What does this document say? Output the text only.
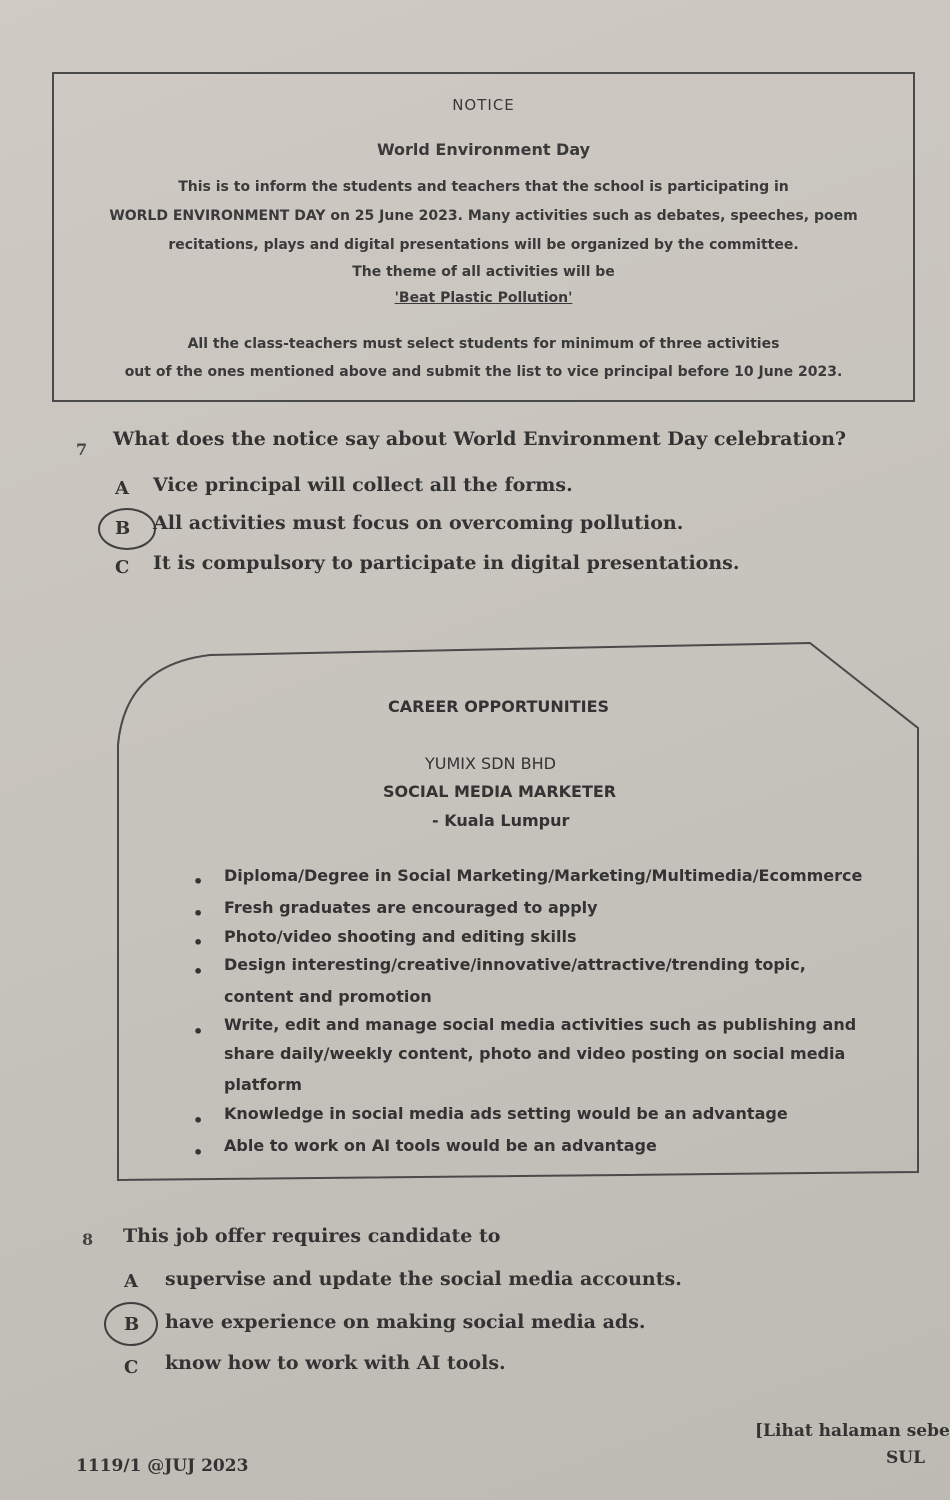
NOTICE
World Environment Day
This is to inform the students and teachers that the school is participating in
WORLD ENVIRONMENT DAY on 25 June 2023. Many activities such as debates, speeches, poem
recitations, plays and digital presentations will be organized by the committee.
The theme of all activities will be
'Beat Plastic Pollution'
All the class-teachers must select students for minimum of three activities
out of the ones mentioned above and submit the list to vice principal before 10 June 2023.
7 What does the notice say about World Environment Day celebration?
A Vice principal will collect all the forms.
B All activities must focus on overcoming pollution.
C It is compulsory to participate in digital presentations.
CAREER OPPORTUNITIES
YUMIX SDN BHD
SOCIAL MEDIA MARKETER
- Kuala Lumpur
• Diploma/Degree in Social Marketing/Marketing/Multimedia/Ecommerce
• Fresh graduates are encouraged to apply
• Photo/video shooting and editing skills
• Design interesting/creative/innovative/attractive/trending topic,
content and promotion
• Write, edit and manage social media activities such as publishing and
share daily/weekly content, photo and video posting on social media
platform
• Knowledge in social media ads setting would be an advantage
• Able to work on AI tools would be an advantage
8 This job offer requires candidate to
A supervise and update the social media accounts.
B have experience on making social media ads.
C know how to work with AI tools.
[Lihat halaman sebe
SUL
1119/1 @JUJ 2023
